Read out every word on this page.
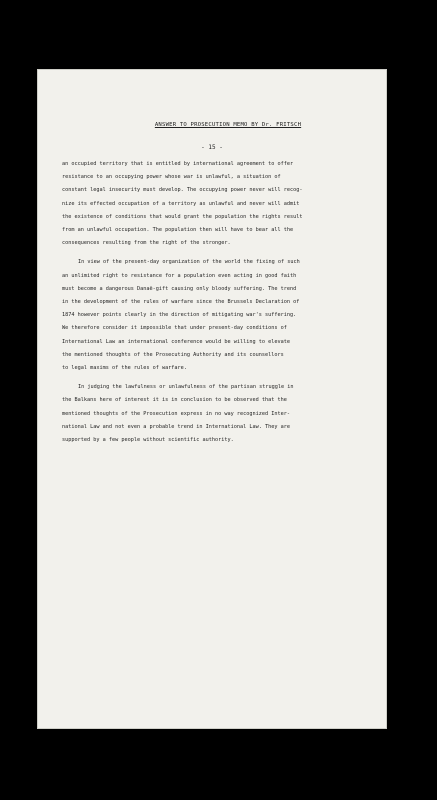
ANSWER TO PROSECUTION MEMO BY Dr. FRITSCH
- 15 -
an occupied territory that is entitled by international agreement to offer
resistance to an occupying power whose war is unlawful, a situation of
constant legal insecurity must develop. The occupying power never will recog-
nize its effected occupation of a territory as unlawful and never will admit
the existence of conditions that would grant the population the rights result
from an unlawful occupation. The population then will have to bear all the
consequences resulting from the right of the stronger.
In view of the present-day organization of the world the fixing of such
an unlimited right to resistance for a population even acting in good faith
must become a dangerous Danaë-gift causing only bloody suffering. The trend
in the development of the rules of warfare since the Brussels Declaration of
1874 however points clearly in the direction of mitigating war's suffering.
We therefore consider it impossible that under present-day conditions of
International Law an international conference would be willing to elevate
the mentioned thoughts of the Prosecuting Authority and its counsellors
to legal maxims of the rules of warfare.
In judging the lawfulness or unlawfulness of the partisan struggle in
the Balkans here of interest it is in conclusion to be observed that the
mentioned thoughts of the Prosecution express in no way recognized Inter-
national Law and not even a probable trend in International Law. They are
supported by a few people without scientific authority.
